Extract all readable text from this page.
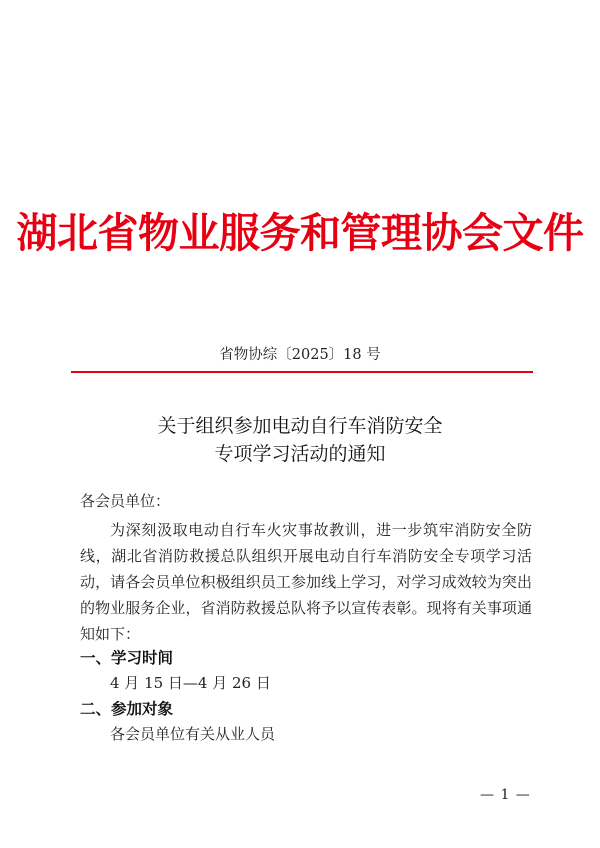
湖北省物业服务和管理协会文件
省物协综〔2025〕18 号
关于组织参加电动自行车消防安全
专项学习活动的通知
各会员单位：
为深刻汲取电动自行车火灾事故教训，进一步筑牢消防安全防线，湖北省消防救援总队组织开展电动自行车消防安全专项学习活动，请各会员单位积极组织员工参加线上学习，对学习成效较为突出的物业服务企业，省消防救援总队将予以宣传表彰。现将有关事项通知如下：
一、学习时间
4 月 15 日—4 月 26 日
二、参加对象
各会员单位有关从业人员
— 1 —
